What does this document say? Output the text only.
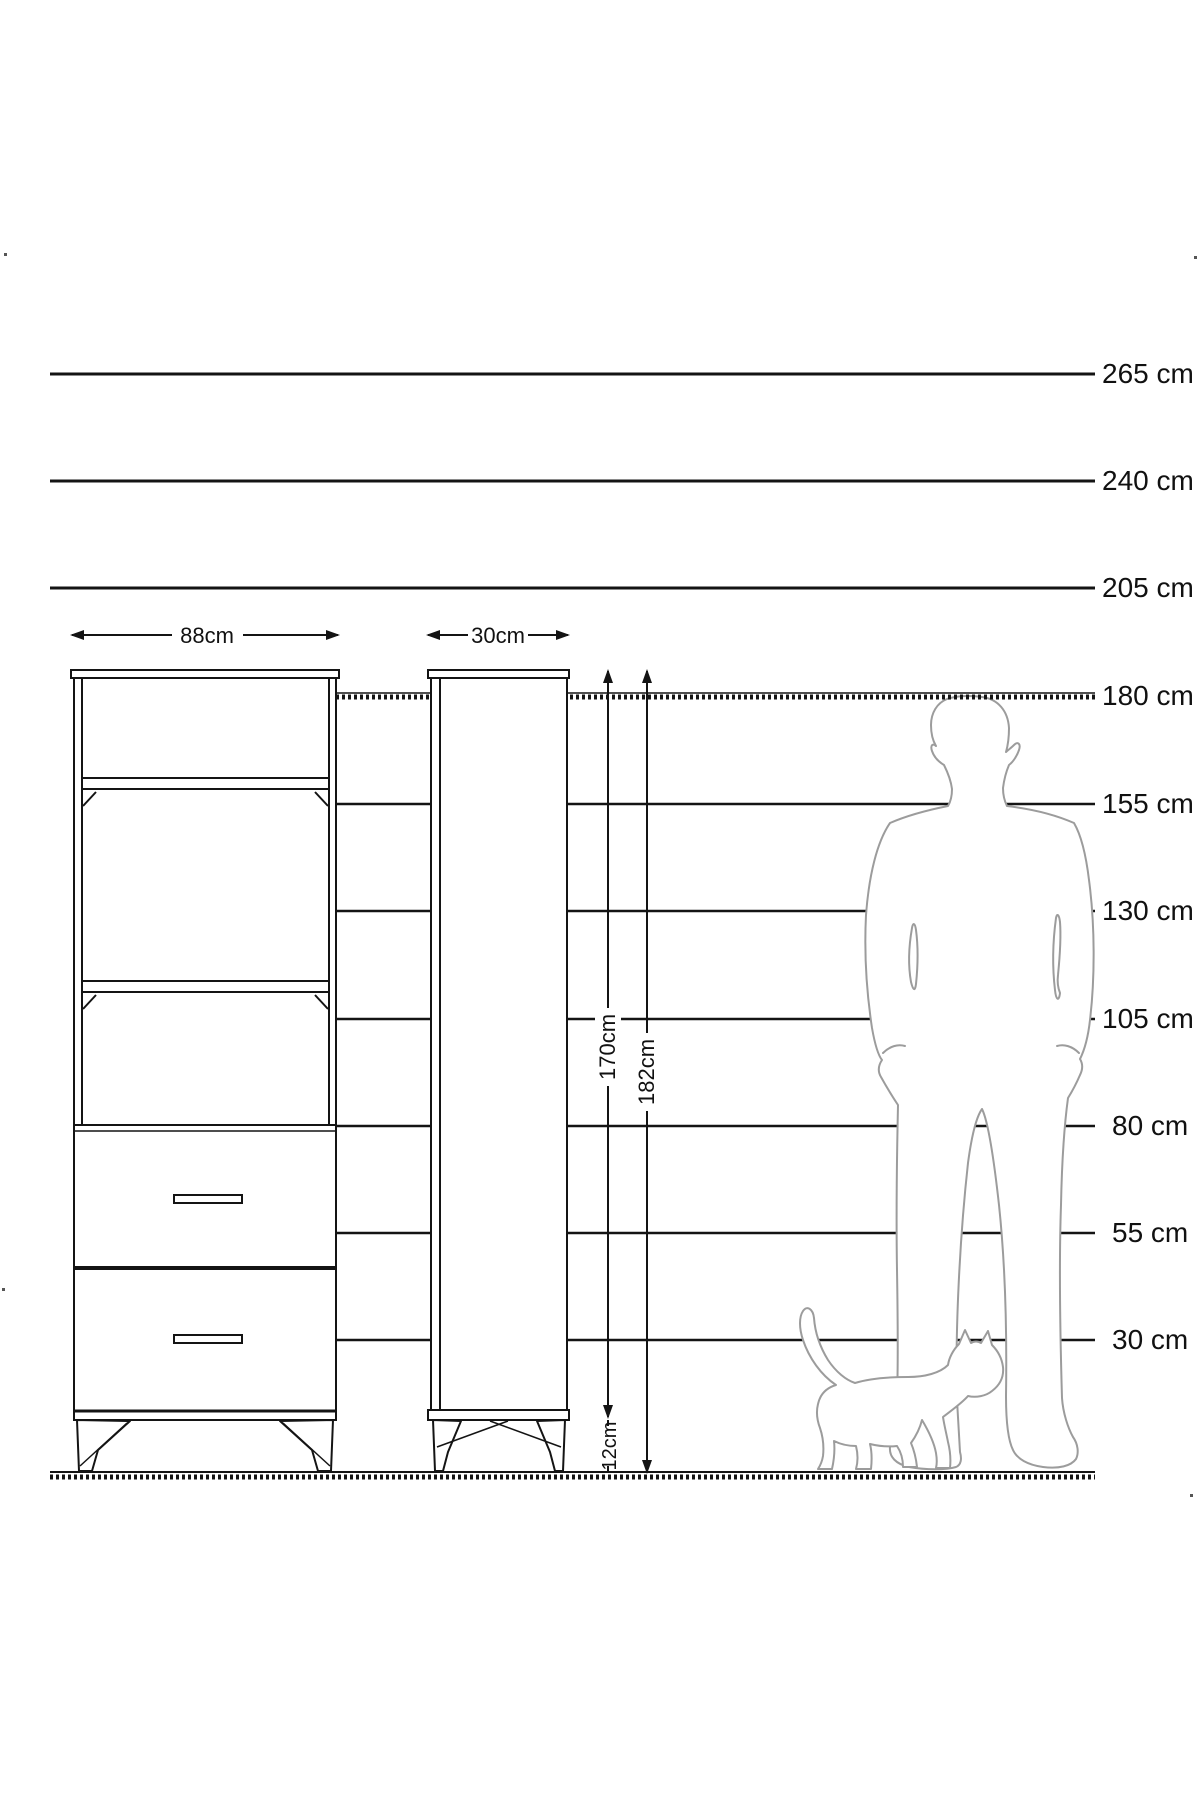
88cm	30cm
170cm 182cm
12cm
265 cm
240 cm
205 cm
180 cm
155 cm
130 cm
105 cm
80 cm
55 cm
30 cm
